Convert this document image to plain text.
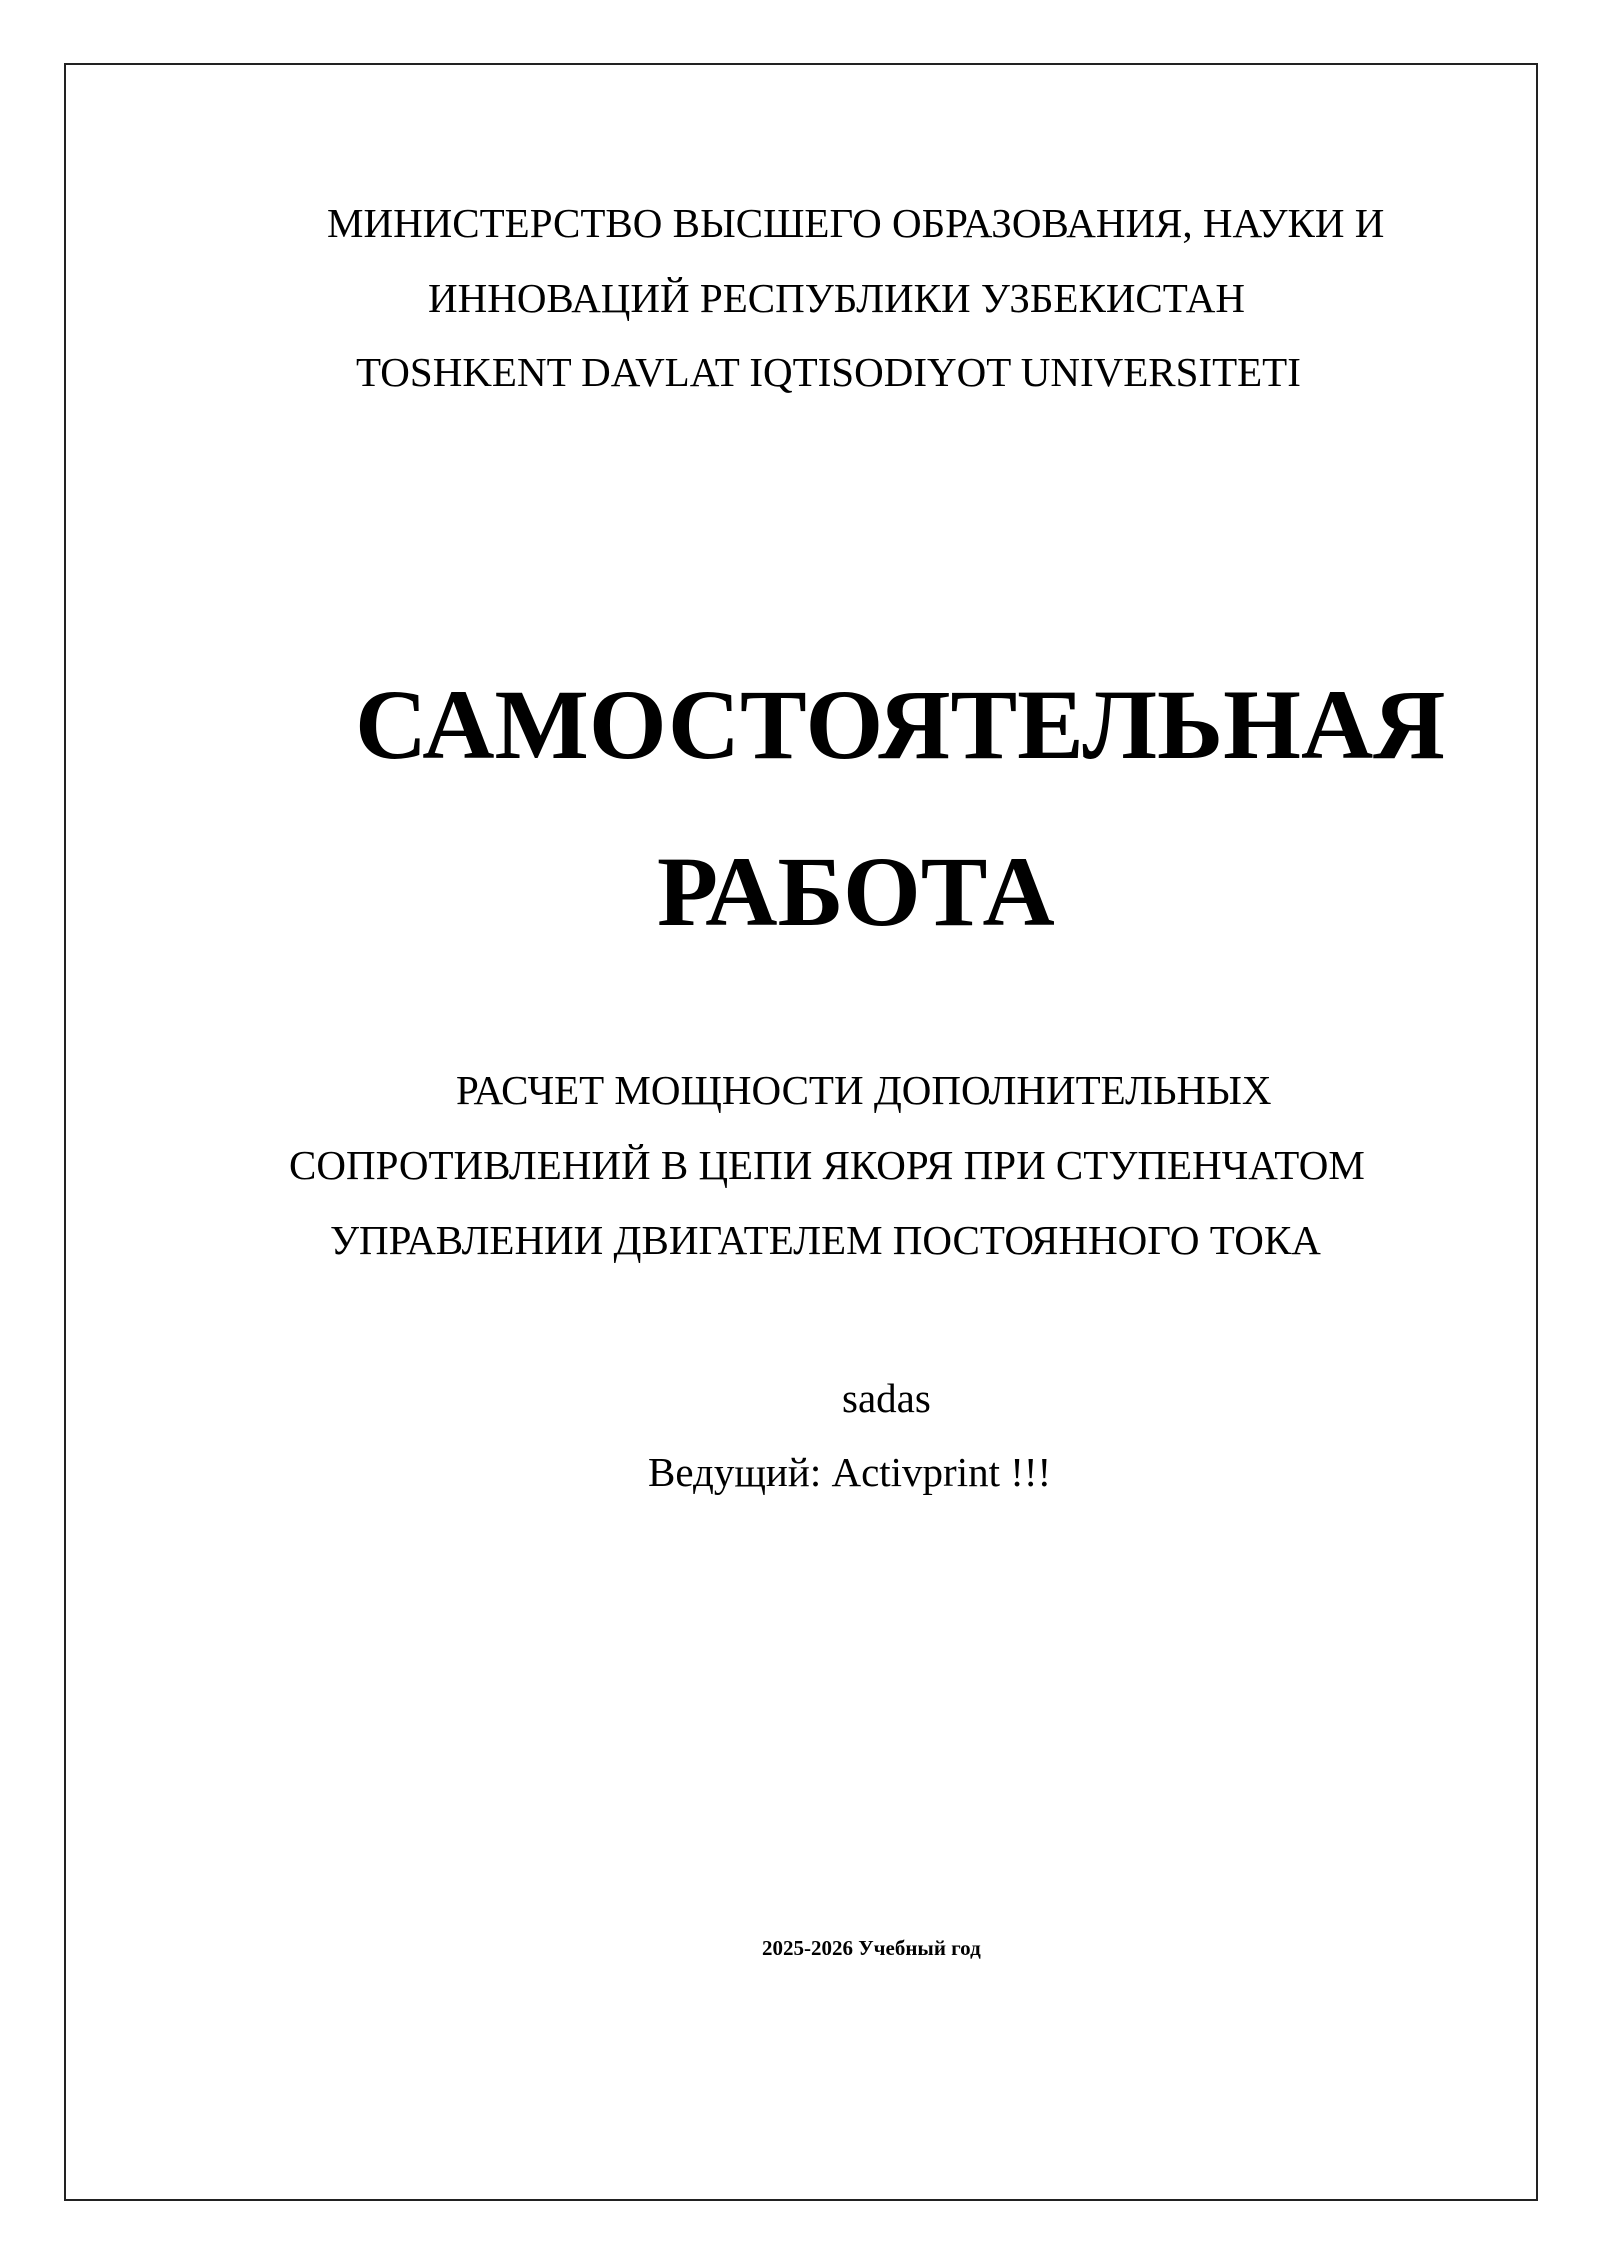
МИНИСТЕРСТВО ВЫСШЕГО ОБРАЗОВАНИЯ, НАУКИ И
ИННОВАЦИЙ РЕСПУБЛИКИ УЗБЕКИСТАН
TOSHKENT DAVLAT IQTISODIYOT UNIVERSITETI
САМОСТОЯТЕЛЬНАЯ
РАБОТА
РАСЧЕТ МОЩНОСТИ ДОПОЛНИТЕЛЬНЫХ
СОПРОТИВЛЕНИЙ В ЦЕПИ ЯКОРЯ ПРИ СТУПЕНЧАТОМ
УПРАВЛЕНИИ ДВИГАТЕЛЕМ ПОСТОЯННОГО ТОКА
sadas
Ведущий: Activprint !!!
2025-2026 Учебный год
